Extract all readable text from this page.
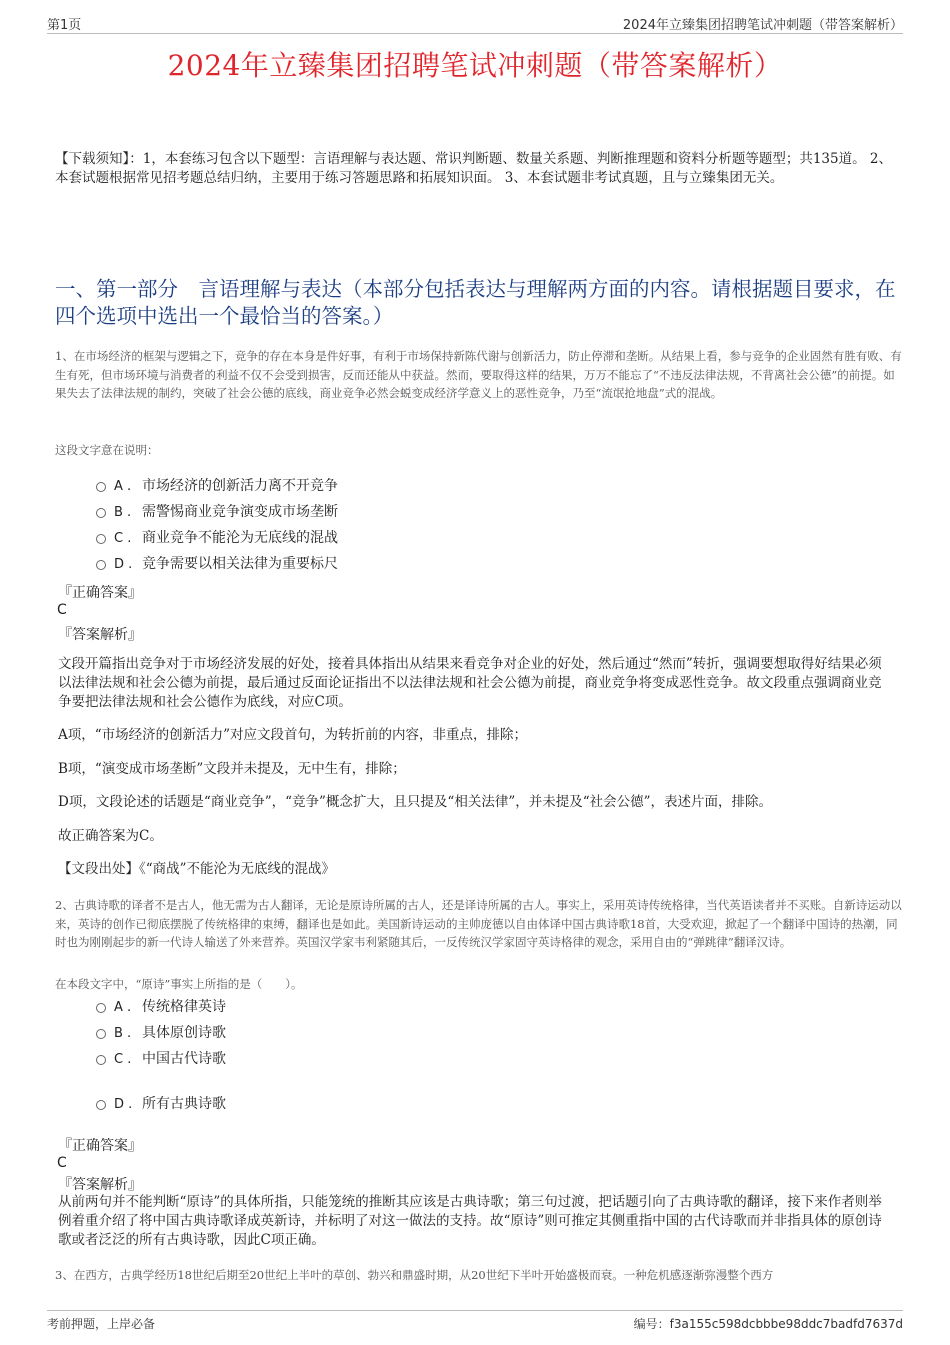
第1页	2024年立臻集团招聘笔试冲刺题（带答案解析）
2024年立臻集团招聘笔试冲刺题（带答案解析）
【下载须知】：1，本套练习包含以下题型：言语理解与表达题、常识判断题、数量关系题、判断推理题和资料分析题等题型；共135道。 2、本套试题根据常见招考题总结归纳，主要用于练习答题思路和拓展知识面。 3、本套试题非考试真题，且与立臻集团无关。
一、第一部分　言语理解与表达（本部分包括表达与理解两方面的内容。请根据题目要求，在四个选项中选出一个最恰当的答案。）
1、在市场经济的框架与逻辑之下，竞争的存在本身是件好事，有利于市场保持新陈代谢与创新活力，防止停滞和垄断。从结果上看，参与竞争的企业固然有胜有败、有生有死，但市场环境与消费者的利益不仅不会受到损害，反而还能从中获益。然而，要取得这样的结果，万万不能忘了“不违反法律法规，不背离社会公德”的前提。如果失去了法律法规的制约，突破了社会公德的底线，商业竞争必然会蜕变成经济学意义上的恶性竞争，乃至“流氓抢地盘”式的混战。
这段文字意在说明：
A . 市场经济的创新活力离不开竞争
B . 需警惕商业竞争演变成市场垄断
C . 商业竞争不能沦为无底线的混战
D . 竞争需要以相关法律为重要标尺
『正确答案』
C
『答案解析』
文段开篇指出竞争对于市场经济发展的好处，接着具体指出从结果来看竞争对企业的好处，然后通过“然而”转折，强调要想取得好结果必须以法律法规和社会公德为前提，最后通过反面论证指出不以法律法规和社会公德为前提，商业竞争将变成恶性竞争。故文段重点强调商业竞争要把法律法规和社会公德作为底线，对应C项。
A项，“市场经济的创新活力”对应文段首句，为转折前的内容，非重点，排除；
B项，“演变成市场垄断”文段并未提及，无中生有，排除；
D项，文段论述的话题是“商业竞争”，“竞争”概念扩大，且只提及“相关法律”，并未提及“社会公德”，表述片面，排除。
故正确答案为C。
【文段出处】《“商战”不能沦为无底线的混战》
2、古典诗歌的译者不是古人，他无需为古人翻译，无论是原诗所属的古人，还是译诗所属的古人。事实上，采用英诗传统格律，当代英语读者并不买账。自新诗运动以来，英诗的创作已彻底摆脱了传统格律的束缚，翻译也是如此。美国新诗运动的主帅庞德以自由体译中国古典诗歌18首，大受欢迎，掀起了一个翻译中国诗的热潮，同时也为刚刚起步的新一代诗人输送了外来营养。英国汉学家韦利紧随其后，一反传统汉学家固守英诗格律的观念，采用自由的“弹跳律”翻译汉诗。
在本段文字中，“原诗”事实上所指的是（　　）。
A . 传统格律英诗
B . 具体原创诗歌
C . 中国古代诗歌
D . 所有古典诗歌
『正确答案』
C
『答案解析』
从前两句并不能判断“原诗”的具体所指，只能笼统的推断其应该是古典诗歌；第三句过渡，把话题引向了古典诗歌的翻译，接下来作者则举例着重介绍了将中国古典诗歌译成英新诗，并标明了对这一做法的支持。故“原诗”则可推定其侧重指中国的古代诗歌而并非指具体的原创诗歌或者泛泛的所有古典诗歌，因此C项正确。
3、在西方，古典学经历18世纪后期至20世纪上半叶的草创、勃兴和鼎盛时期，从20世纪下半叶开始盛极而衰。一种危机感逐渐弥漫整个西方
考前押题，上岸必备	编号：f3a155c598dcbbbe98ddc7badfd7637d
